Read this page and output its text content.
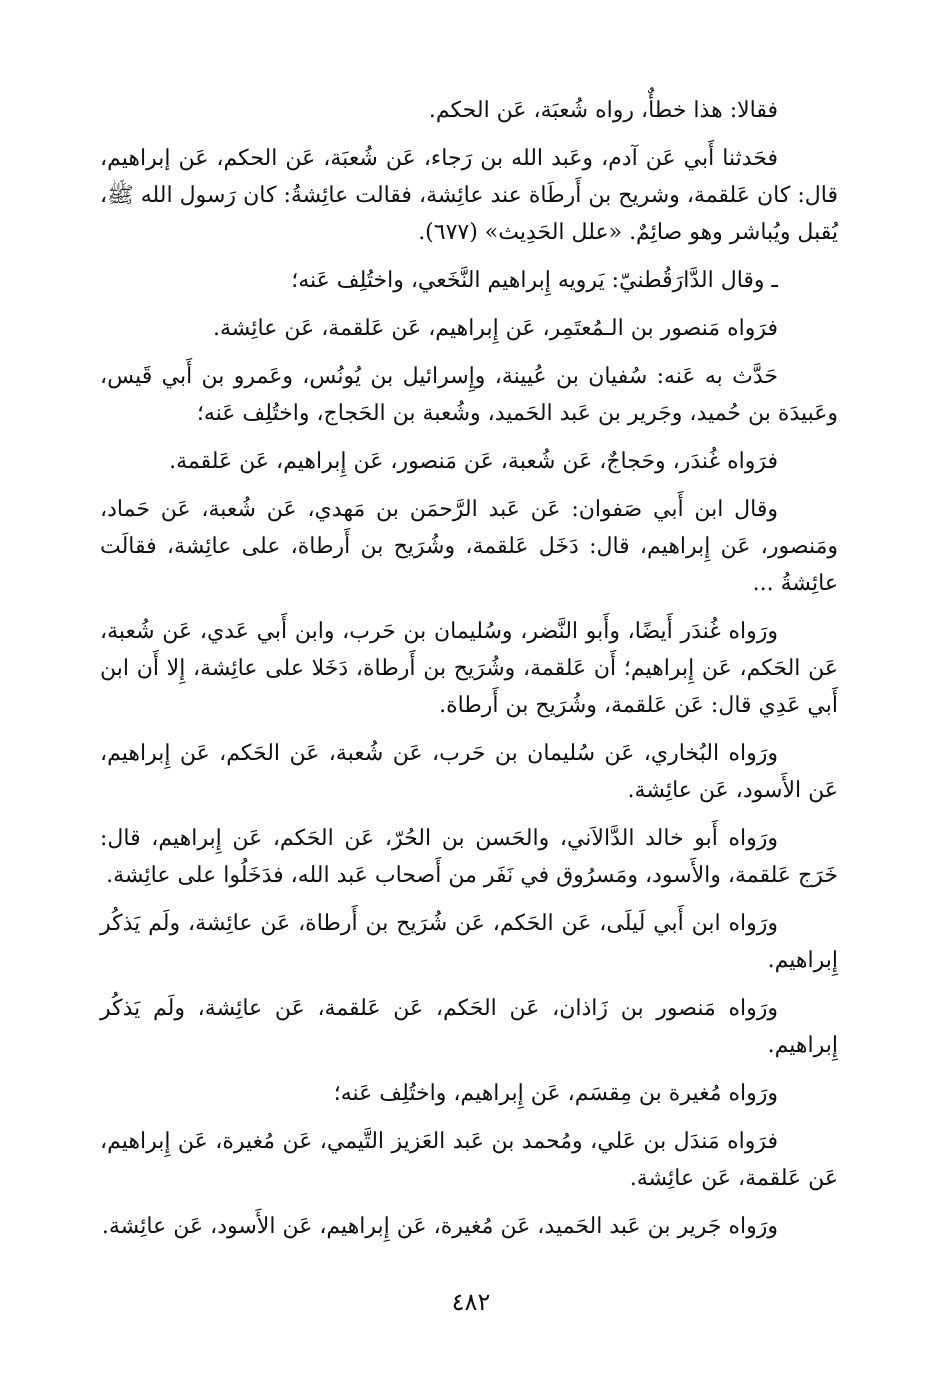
فقالا: هذا خطأٌ، رواه شُعبَة، عَن الحكم.

فحَدثنا أَبي عَن آدم، وعَبد الله بن رَجاء، عَن شُعبَة، عَن الحكم، عَن إبراهيم، قال: كان عَلقمة، وشريح بن أَرطَاة عند عائِشة، فقالت عائِشةُ: كان رَسول الله ﷺ، يُقبل ويُباشر وهو صائِمٌ. «علل الحَدِيث» (٦٧٧).

ـ وقال الدَّارَقُطنيّ: يَرويه إِبراهيم النَّخَعي، واختُلِف عَنه؛

فرَواه مَنصور بن الـمُعتَمِر، عَن إِبراهيم، عَن عَلقمة، عَن عائِشة.

حَدَّث به عَنه: سُفيان بن عُيينة، وإِسرائيل بن يُونُس، وعَمرو بن أَبي قَيس، وعَبيدَة بن حُميد، وجَرير بن عَبد الحَميد، وشُعبة بن الحَجاج، واختُلِف عَنه؛

فرَواه غُندَر، وحَجاجٌ، عَن شُعبة، عَن مَنصور، عَن إِبراهيم، عَن عَلقمة.

وقال ابن أَبي صَفوان: عَن عَبد الرَّحمَن بن مَهدي، عَن شُعبة، عَن حَماد، ومَنصور، عَن إِبراهيم، قال: دَخَل عَلقمة، وشُرَيح بن أَرطاة، على عائِشة، فقالَت عائِشةُ ...

ورَواه غُندَر أَيضًا، وأَبو النَّضر، وسُليمان بن حَرب، وابن أَبي عَدي، عَن شُعبة، عَن الحَكم، عَن إِبراهيم؛ أَن عَلقمة، وشُرَيح بن أَرطاة، دَخَلا على عائِشة، إِلا أَن ابن أَبي عَدِي قال: عَن عَلقمة، وشُرَيح بن أَرطاة.

ورَواه البُخاري، عَن سُليمان بن حَرب، عَن شُعبة، عَن الحَكم، عَن إِبراهيم، عَن الأَسود، عَن عائِشة.

ورَواه أَبو خالد الدَّالاَني، والحَسن بن الحُرّ، عَن الحَكم، عَن إِبراهيم، قال: خَرَج عَلقمة، والأَسود، ومَسرُوق في نَفَر من أَصحاب عَبد الله، فدَخَلُوا على عائِشة.

ورَواه ابن أَبي لَيلَى، عَن الحَكم، عَن شُرَيح بن أَرطاة، عَن عائِشة، ولَم يَذكُر إِبراهيم.

ورَواه مَنصور بن زَاذان، عَن الحَكم، عَن عَلقمة، عَن عائِشة، ولَم يَذكُر إِبراهيم.

ورَواه مُغيرة بن مِقسَم، عَن إِبراهيم، واختُلِف عَنه؛

فرَواه مَندَل بن عَلي، ومُحمد بن عَبد العَزيز التَّيمي، عَن مُغيرة، عَن إِبراهيم، عَن عَلقمة، عَن عائِشة.

ورَواه جَرير بن عَبد الحَميد، عَن مُغيرة، عَن إِبراهيم، عَن الأَسود، عَن عائِشة.

٤٨٢
